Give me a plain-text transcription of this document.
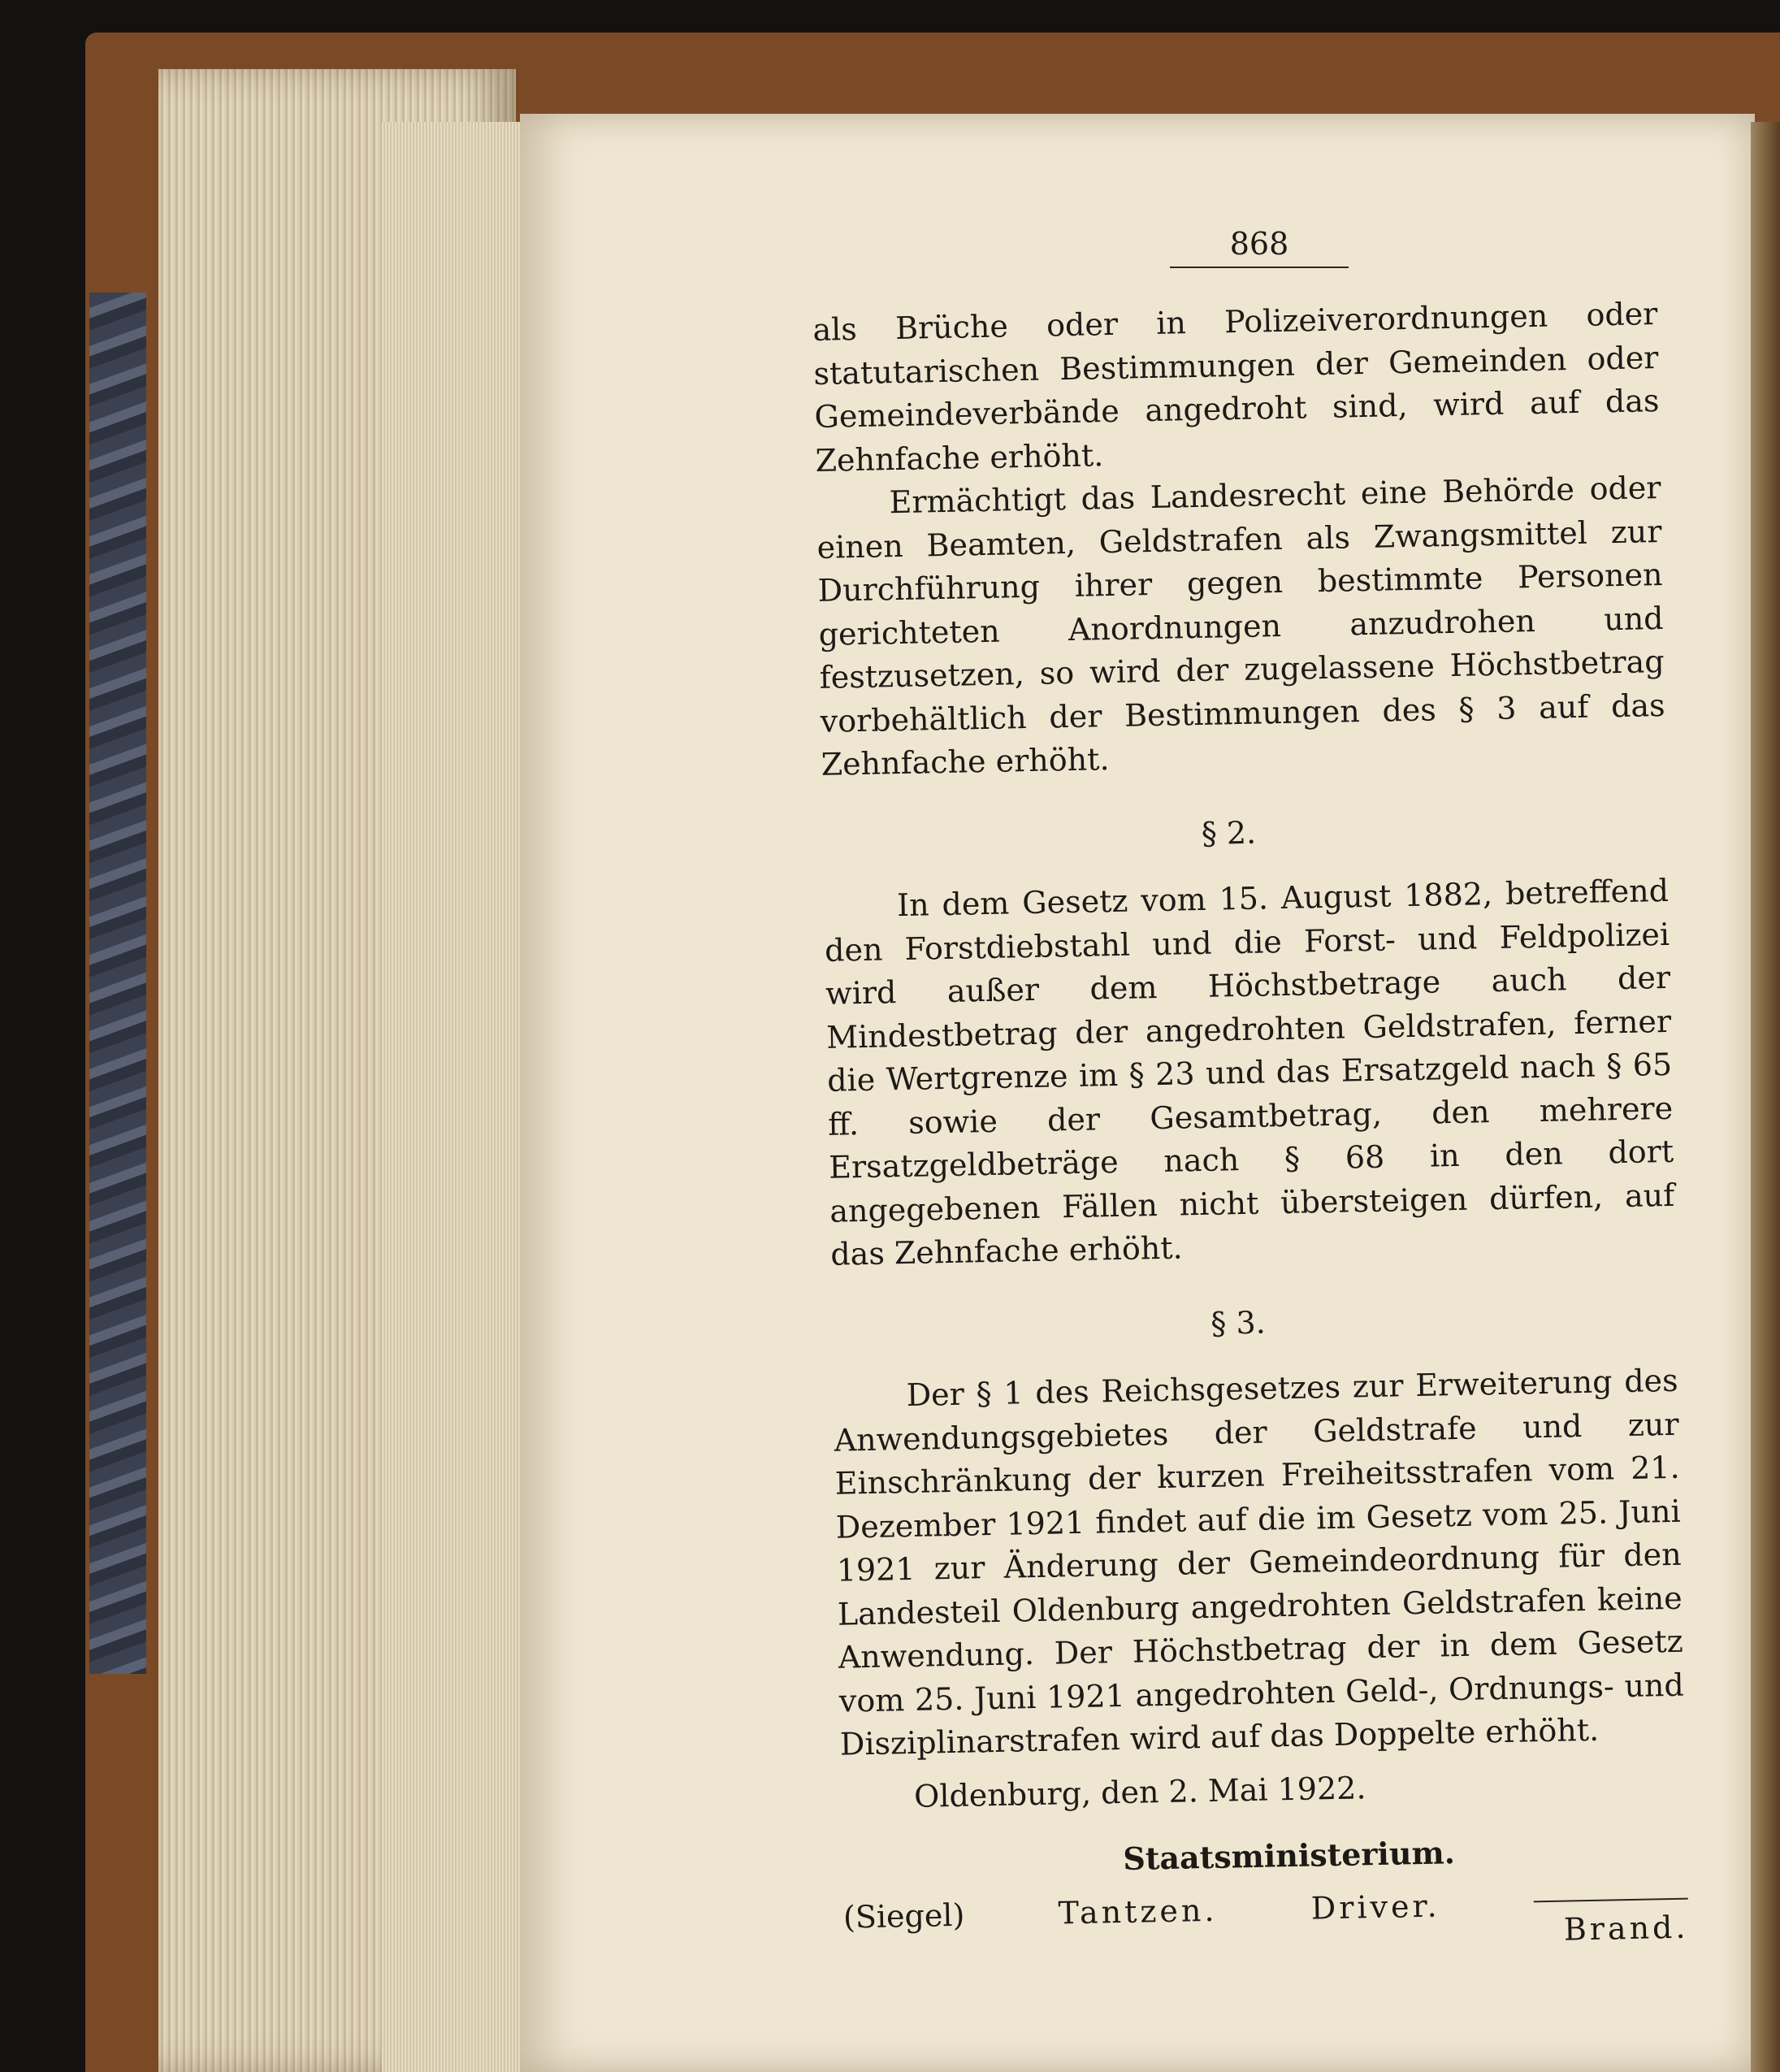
868

als Brüche oder in Polizeiverordnungen oder statutarischen Bestimmungen der Gemeinden oder Gemeindeverbände angedroht sind, wird auf das Zehnfache erhöht.

Ermächtigt das Landesrecht eine Behörde oder einen Beamten, Geldstrafen als Zwangsmittel zur Durchführung ihrer gegen bestimmte Personen gerichteten Anordnungen anzudrohen und festzusetzen, so wird der zugelassene Höchstbetrag vorbehältlich der Bestimmungen des § 3 auf das Zehnfache erhöht.

§ 2.

In dem Gesetz vom 15. August 1882, betreffend den Forstdiebstahl und die Forst- und Feldpolizei wird außer dem Höchstbetrage auch der Mindestbetrag der angedrohten Geldstrafen, ferner die Wertgrenze im § 23 und das Ersatzgeld nach § 65 ff. sowie der Gesamtbetrag, den mehrere Ersatzgeldbeträge nach § 68 in den dort angegebenen Fällen nicht übersteigen dürfen, auf das Zehnfache erhöht.

§ 3.

Der § 1 des Reichsgesetzes zur Erweiterung des Anwendungsgebietes der Geldstrafe und zur Einschränkung der kurzen Freiheitsstrafen vom 21. Dezember 1921 findet auf die im Gesetz vom 25. Juni 1921 zur Änderung der Gemeindeordnung für den Landesteil Oldenburg angedrohten Geldstrafen keine Anwendung. Der Höchstbetrag der in dem Gesetz vom 25. Juni 1921 angedrohten Geld-, Ordnungs- und Disziplinarstrafen wird auf das Doppelte erhöht.

Oldenburg, den 2. Mai 1922.

Staatsministerium.
(Siegel)	Tantzen.	Driver.
Brand.
